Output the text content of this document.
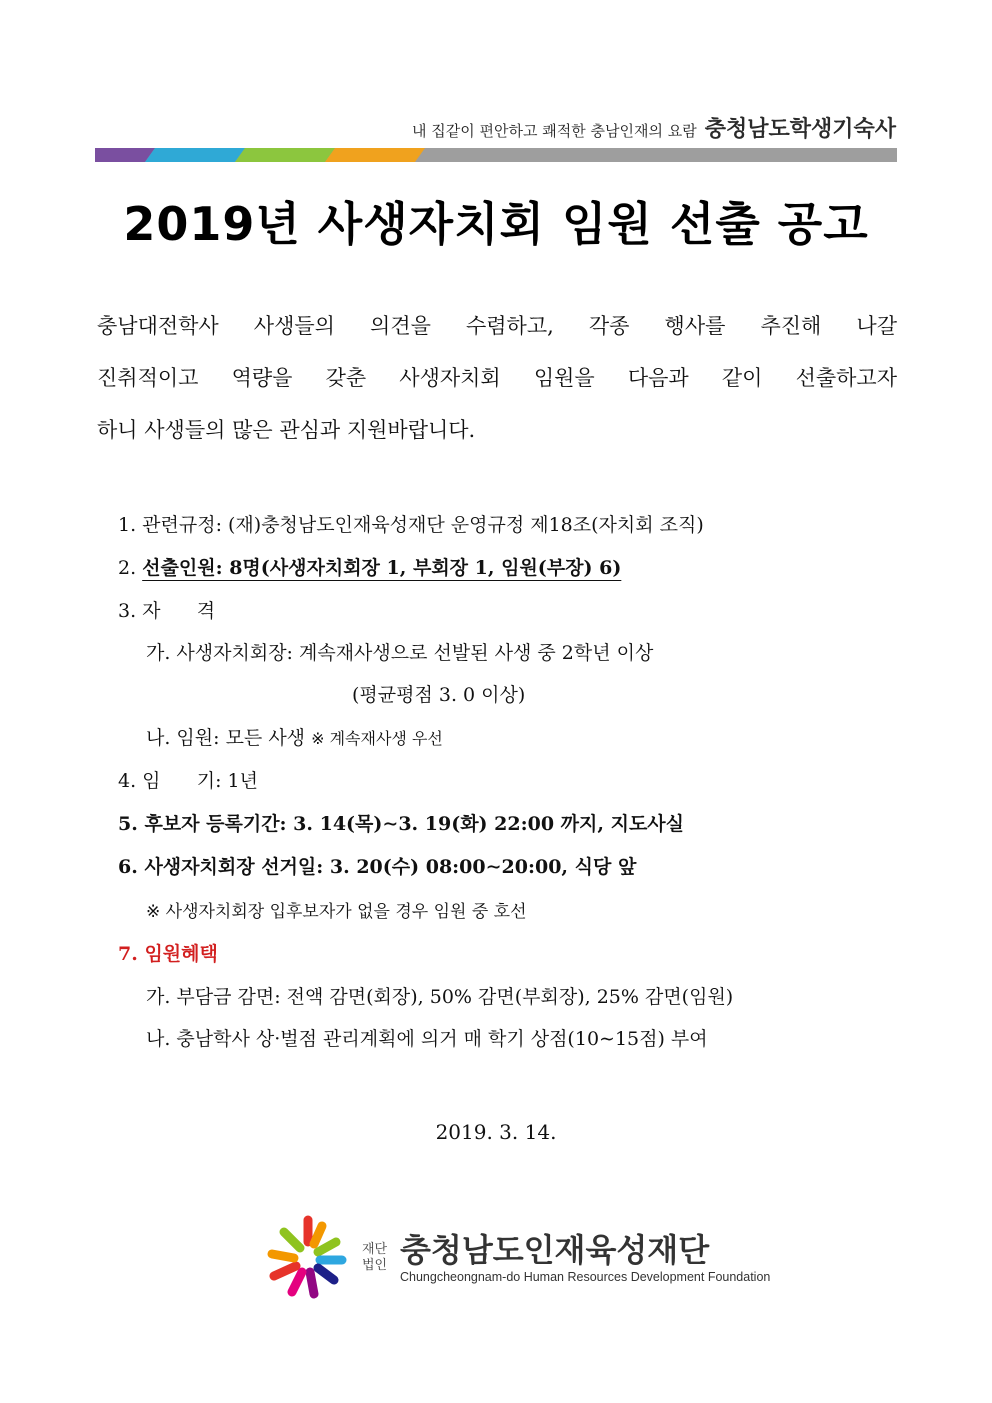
내 집같이 편안하고 쾌적한 충남인재의 요람 충청남도학생기숙사
2019년 사생자치회 임원 선출 공고
충남대전학사 사생들의 의견을 수렴하고, 각종 행사를 추진해 나갈
진취적이고 역량을 갖춘 사생자치회 임원을 다음과 같이 선출하고자
하니 사생들의 많은 관심과 지원바랍니다.
1. 관련규정: (재)충청남도인재육성재단 운영규정 제18조(자치회 조직)
2. 선출인원: 8명(사생자치회장 1, 부회장 1, 임원(부장) 6)
3. 자      격
가. 사생자치회장: 계속재사생으로 선발된 사생 중 2학년 이상
(평균평점 3. 0 이상)
나. 임원: 모든 사생 ※ 계속재사생 우선
4. 임      기: 1년
5. 후보자 등록기간: 3. 14(목)∼3. 19(화) 22:00 까지, 지도사실
6. 사생자치회장 선거일: 3. 20(수) 08:00∼20:00, 식당 앞
※ 사생자치회장 입후보자가 없을 경우 임원 중 호선
7. 임원혜택
가. 부담금 감면: 전액 감면(회장), 50% 감면(부회장), 25% 감면(임원)
나. 충남학사 상·벌점 관리계획에 의거 매 학기 상점(10∼15점) 부여
2019. 3. 14.
재단
법인 충청남도인재육성재단
Chungcheongnam-do Human Resources Development Foundation
